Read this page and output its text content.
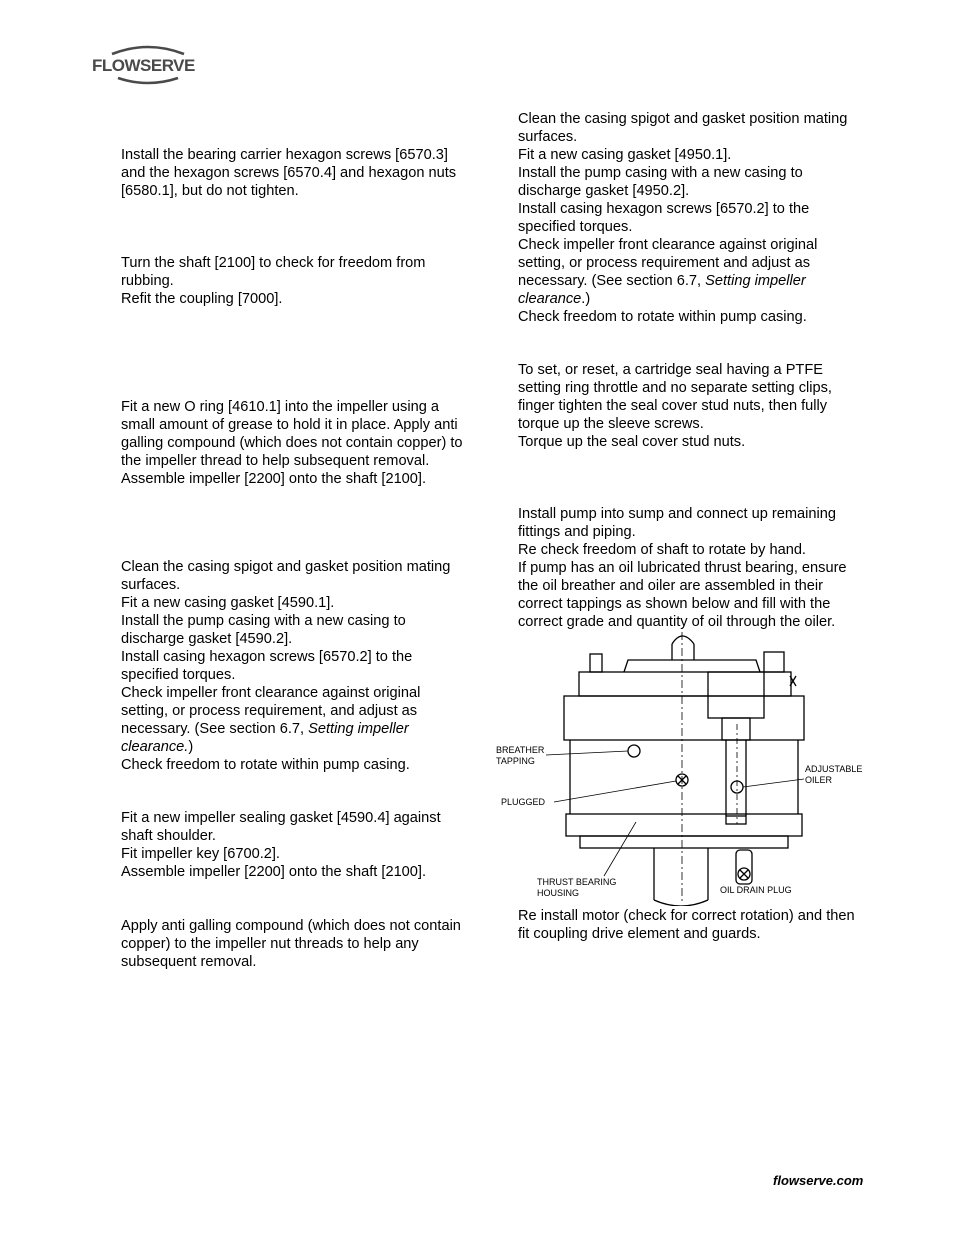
FLOWSERVE

Install the bearing carrier hexagon screws [6570.3] and the hexagon screws [6570.4] and hexagon nuts [6580.1], but do not tighten.

Turn the shaft [2100] to check for freedom from rubbing.

Refit the coupling [7000].

Fit a new O ring [4610.1] into the impeller using a small amount of grease to hold it in place. Apply anti galling compound (which does not contain copper) to the impeller thread to help subsequent removal.

Assemble impeller [2200] onto the shaft [2100].

Clean the casing spigot and gasket position mating surfaces.

Fit a new casing gasket [4590.1].

Install the pump casing with a new casing to discharge gasket [4590.2].

Install casing hexagon screws [6570.2] to the specified torques.

Check impeller front clearance against original setting, or process requirement, and adjust as necessary. (See section 6.7, Setting impeller clearance.)

Check freedom to rotate within pump casing.

Fit a new impeller sealing gasket [4590.4] against shaft shoulder.

Fit impeller key [6700.2].

Assemble impeller [2200] onto the shaft [2100].

Apply anti galling compound (which does not contain copper) to the impeller nut threads to help any subsequent removal.

Clean the casing spigot and gasket position mating surfaces.

Fit a new casing gasket [4950.1].

Install the pump casing with a new casing to discharge gasket [4950.2].

Install casing hexagon screws [6570.2] to the specified torques.

Check impeller front clearance against original setting, or process requirement and adjust as necessary. (See section 6.7, Setting impeller clearance.)

Check freedom to rotate within pump casing.

To set, or reset, a cartridge seal having a PTFE setting ring throttle and no separate setting clips, finger tighten the seal cover stud nuts, then fully torque up the sleeve screws.

Torque up the seal cover stud nuts.

Install pump into sump and connect up remaining fittings and piping.

Re check freedom of shaft to rotate by hand.

If pump has an oil lubricated thrust bearing, ensure the oil breather and oiler are assembled in their correct tappings as shown below and fill with the correct grade and quantity of oil through the oiler.

BREATHER
TAPPING
PLUGGED
ADJUSTABLE
OILER
THRUST BEARING
HOUSING	OIL DRAIN PLUG

Re install motor (check for correct rotation) and then fit coupling drive element and guards.

flowserve.com
